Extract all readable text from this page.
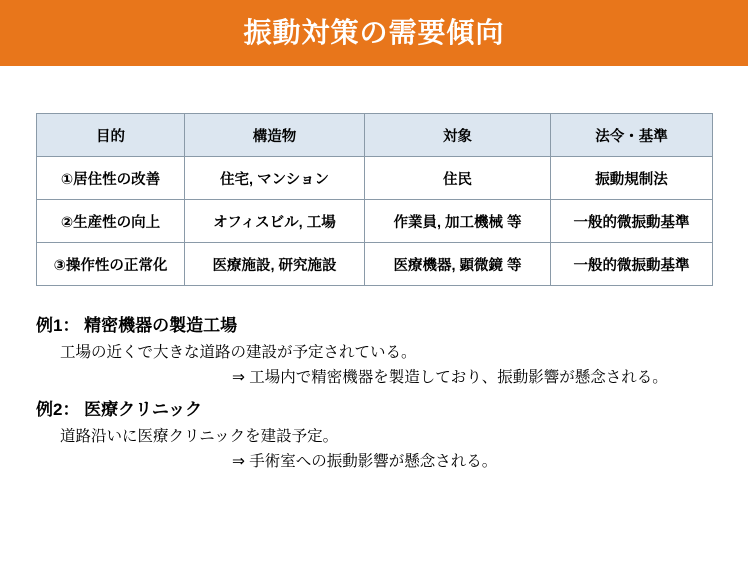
振動対策の需要傾向
目的	構造物	対象	法令・基準
①居住性の改善	住宅, マンション	住民	振動規制法
②生産性の向上	オフィスビル, 工場	作業員, 加工機械 等	一般的微振動基準
③操作性の正常化	医療施設, 研究施設	医療機器, 顕微鏡 等	一般的微振動基準

例1： 精密機器の製造工場

工場の近くで大きな道路の建設が予定されている。

⇒ 工場内で精密機器を製造しており、振動影響が懸念される。

例2： 医療クリニック

道路沿いに医療クリニックを建設予定。

⇒ 手術室への振動影響が懸念される。
